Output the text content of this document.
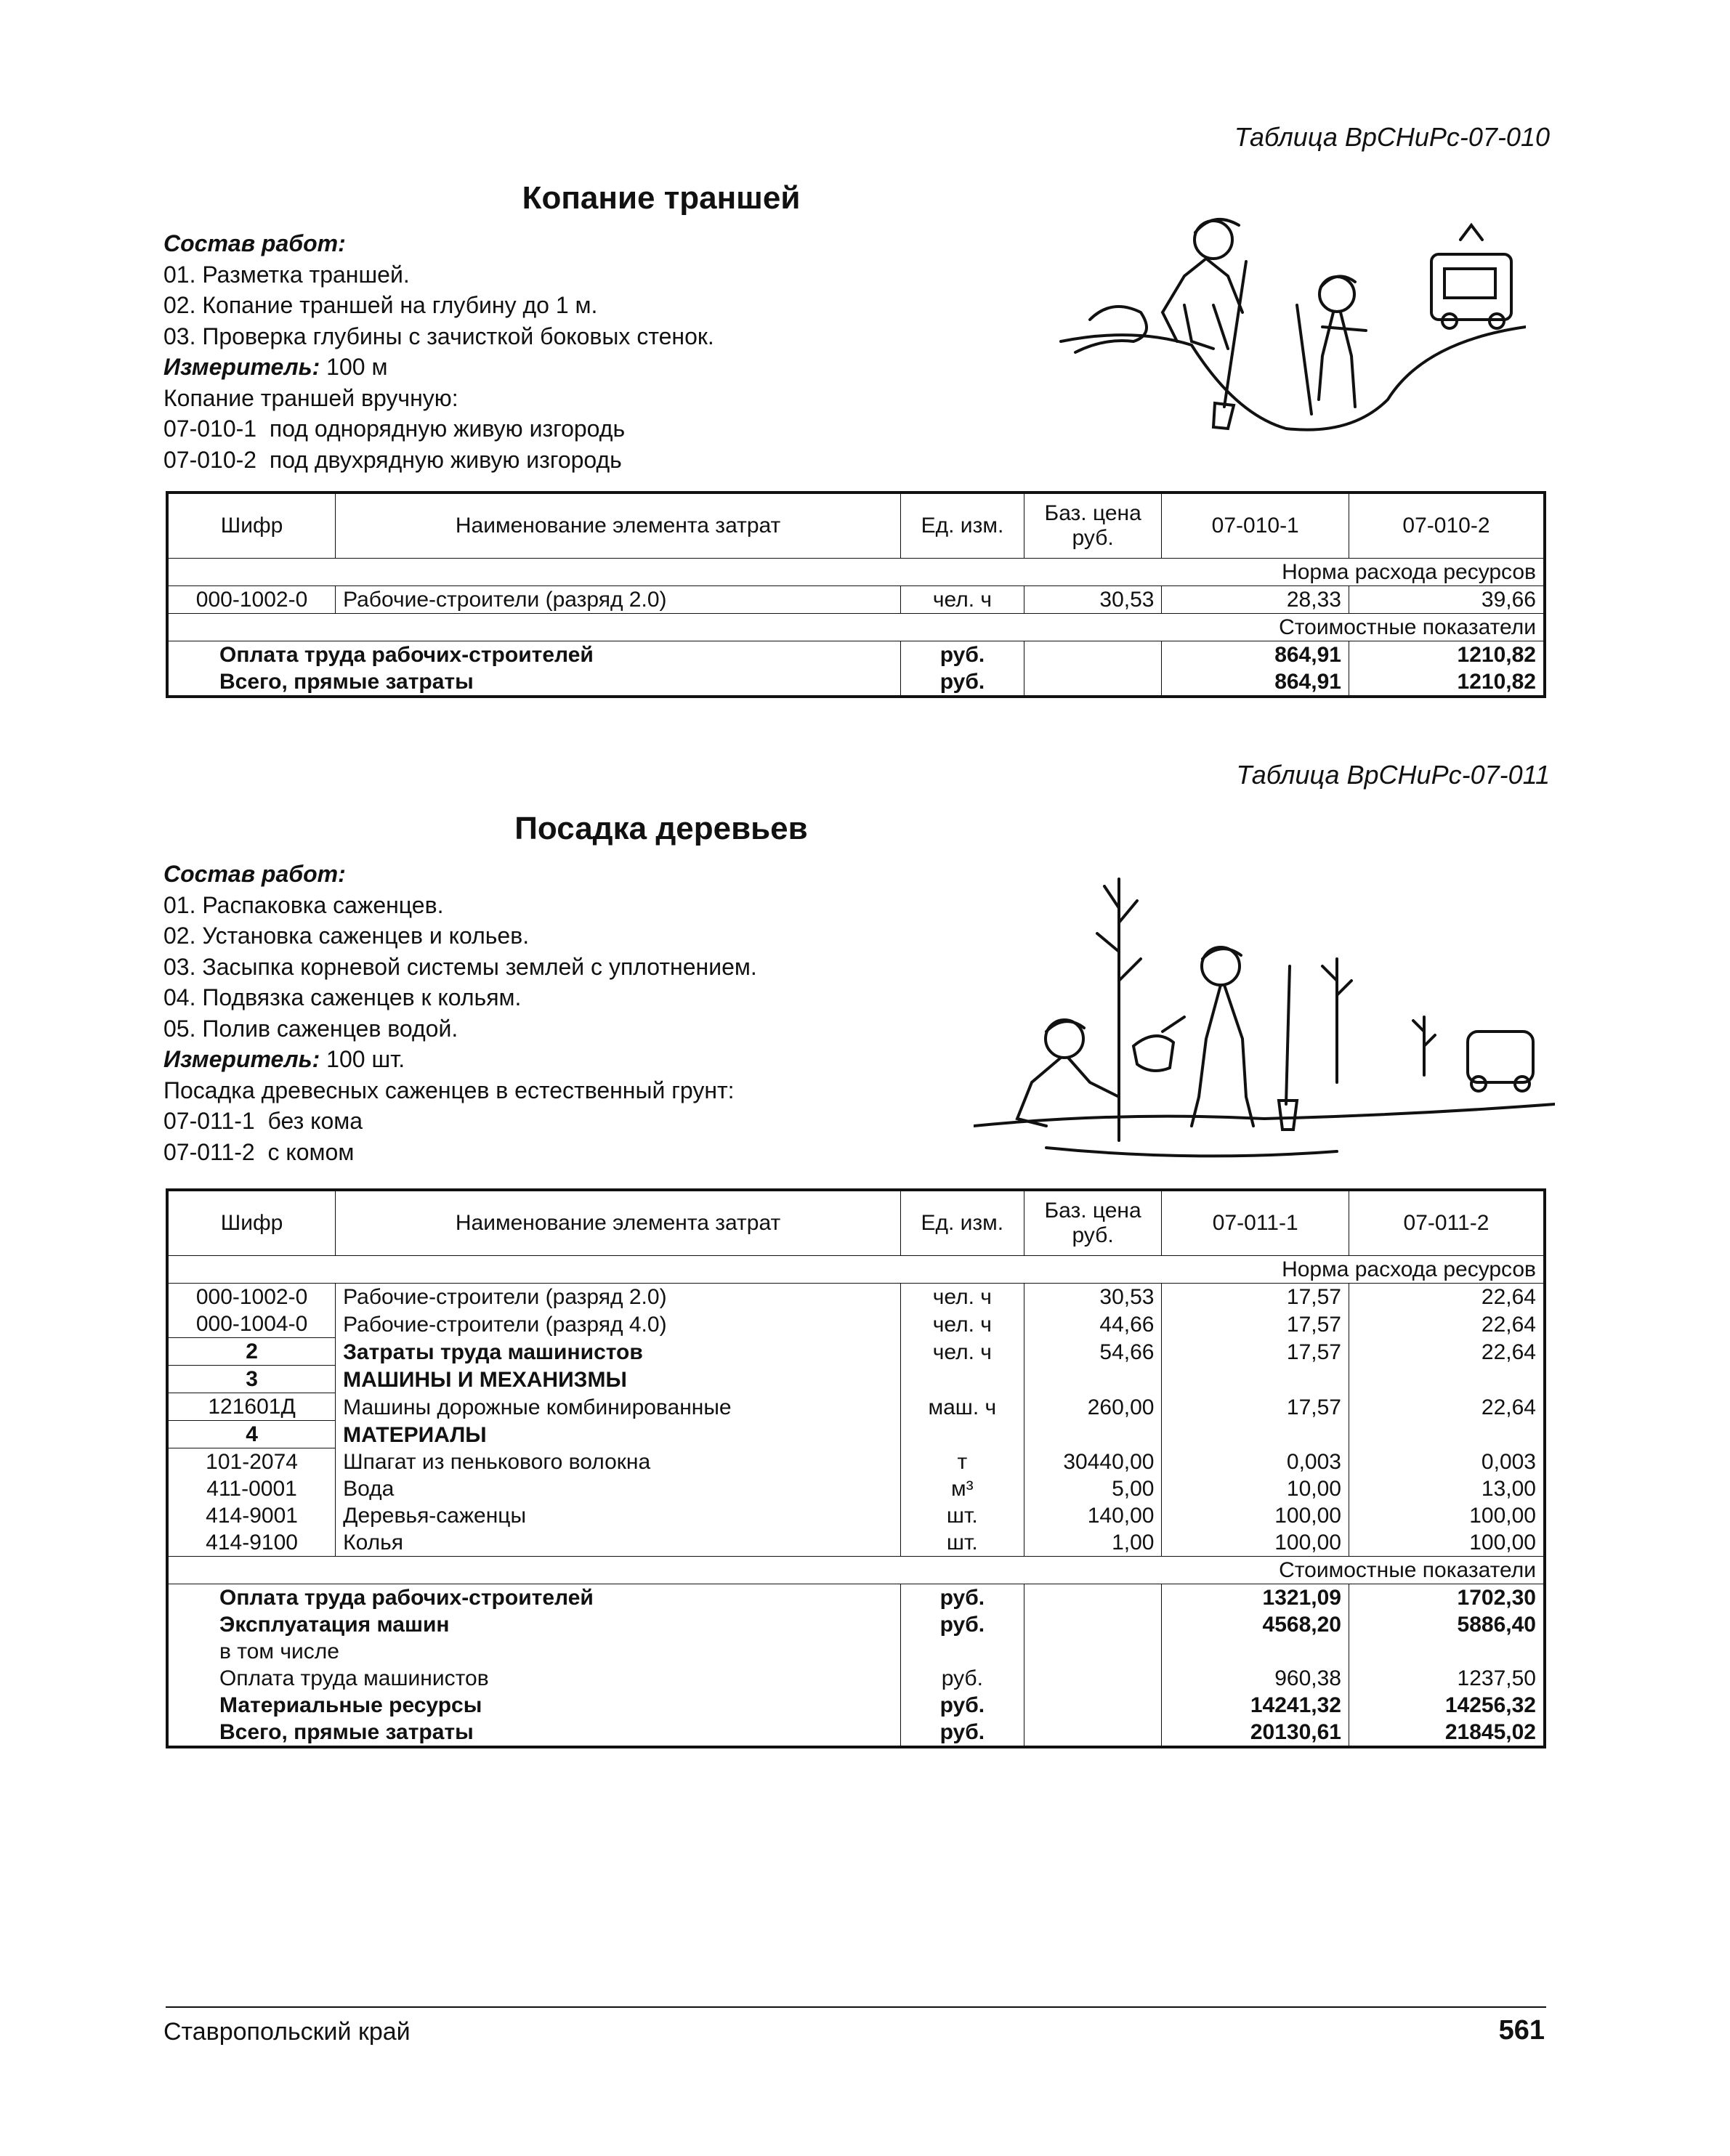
Таблица ВрСНиРс-07-010
Копание траншей
Состав работ:
01. Разметка траншей.
02. Копание траншей на глубину до 1 м.
03. Проверка глубины с зачисткой боковых стенок.
Измеритель: 100 м
Копание траншей вручную:
07-010-1  под однорядную живую изгородь
07-010-2  под двухрядную живую изгородь
Шифр	Наименование элемента затрат	Ед. изм.	Баз. цена руб.	07-010-1	07-010-2
Норма расхода ресурсов					
000-1002-0	Рабочие-строители (разряд 2.0)	чел. ч	30,53	28,33	39,66
Стоимостные показатели					
Оплата труда рабочих-строителей		руб.		864,91	1210,82
Всего, прямые затраты		руб.		864,91	1210,82
Таблица ВрСНиРс-07-011
Посадка деревьев
Состав работ:
01. Распаковка саженцев.
02. Установка саженцев и кольев.
03. Засыпка корневой системы землей с уплотнением.
04. Подвязка саженцев к кольям.
05. Полив саженцев водой.
Измеритель: 100 шт.
Посадка древесных саженцев в естественный грунт:
07-011-1  без кома
07-011-2  с комом
Шифр	Наименование элемента затрат	Ед. изм.	Баз. цена руб.	07-011-1	07-011-2
Норма расхода ресурсов					
000-1002-0	Рабочие-строители (разряд 2.0)	чел. ч	30,53	17,57	22,64
000-1004-0	Рабочие-строители (разряд 4.0)	чел. ч	44,66	17,57	22,64
2	Затраты труда машинистов	чел. ч	54,66	17,57	22,64
3	МАШИНЫ И МЕХАНИЗМЫ				
121601Д	Машины дорожные комбинированные	маш. ч	260,00	17,57	22,64
4	МАТЕРИАЛЫ				
101-2074	Шпагат из пенькового волокна	т	30440,00	0,003	0,003
411-0001	Вода	м³	5,00	10,00	13,00
414-9001	Деревья-саженцы	шт.	140,00	100,00	100,00
414-9100	Колья	шт.	1,00	100,00	100,00
Стоимостные показатели					
Оплата труда рабочих-строителей		руб.		1321,09	1702,30
Эксплуатация машин		руб.		4568,20	5886,40
в том числе					
Оплата труда машинистов		руб.		960,38	1237,50
Материальные ресурсы		руб.		14241,32	14256,32
Всего, прямые затраты		руб.		20130,61	21845,02
Ставропольский край	561
